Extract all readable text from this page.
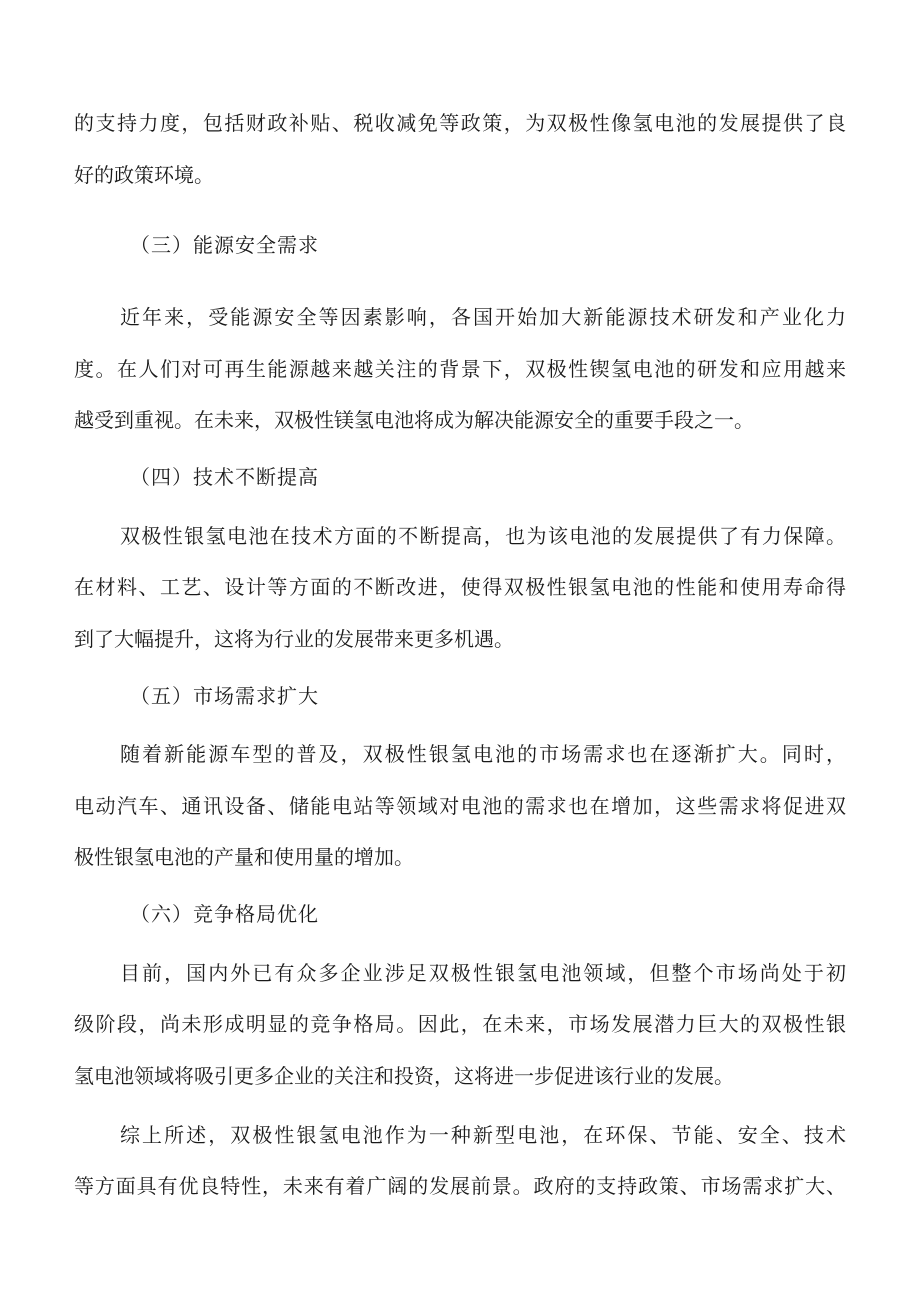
的支持力度，包括财政补贴、税收减免等政策，为双极性像氢电池的发展提供了良
好的政策环境。
（三）能源安全需求
近年来，受能源安全等因素影响，各国开始加大新能源技术研发和产业化力
度。在人们对可再生能源越来越关注的背景下，双极性锲氢电池的研发和应用越来
越受到重视。在未来，双极性镁氢电池将成为解决能源安全的重要手段之一。
（四）技术不断提高
双极性银氢电池在技术方面的不断提高，也为该电池的发展提供了有力保障。
在材料、工艺、设计等方面的不断改进，使得双极性银氢电池的性能和使用寿命得
到了大幅提升，这将为行业的发展带来更多机遇。
（五）市场需求扩大
随着新能源车型的普及，双极性银氢电池的市场需求也在逐渐扩大。同时，
电动汽车、通讯设备、储能电站等领域对电池的需求也在增加，这些需求将促进双
极性银氢电池的产量和使用量的增加。
（六）竞争格局优化
目前，国内外已有众多企业涉足双极性银氢电池领域，但整个市场尚处于初
级阶段，尚未形成明显的竞争格局。因此，在未来，市场发展潜力巨大的双极性银
氢电池领域将吸引更多企业的关注和投资，这将进一步促进该行业的发展。
综上所述，双极性银氢电池作为一种新型电池，在环保、节能、安全、技术
等方面具有优良特性，未来有着广阔的发展前景。政府的支持政策、市场需求扩大、
